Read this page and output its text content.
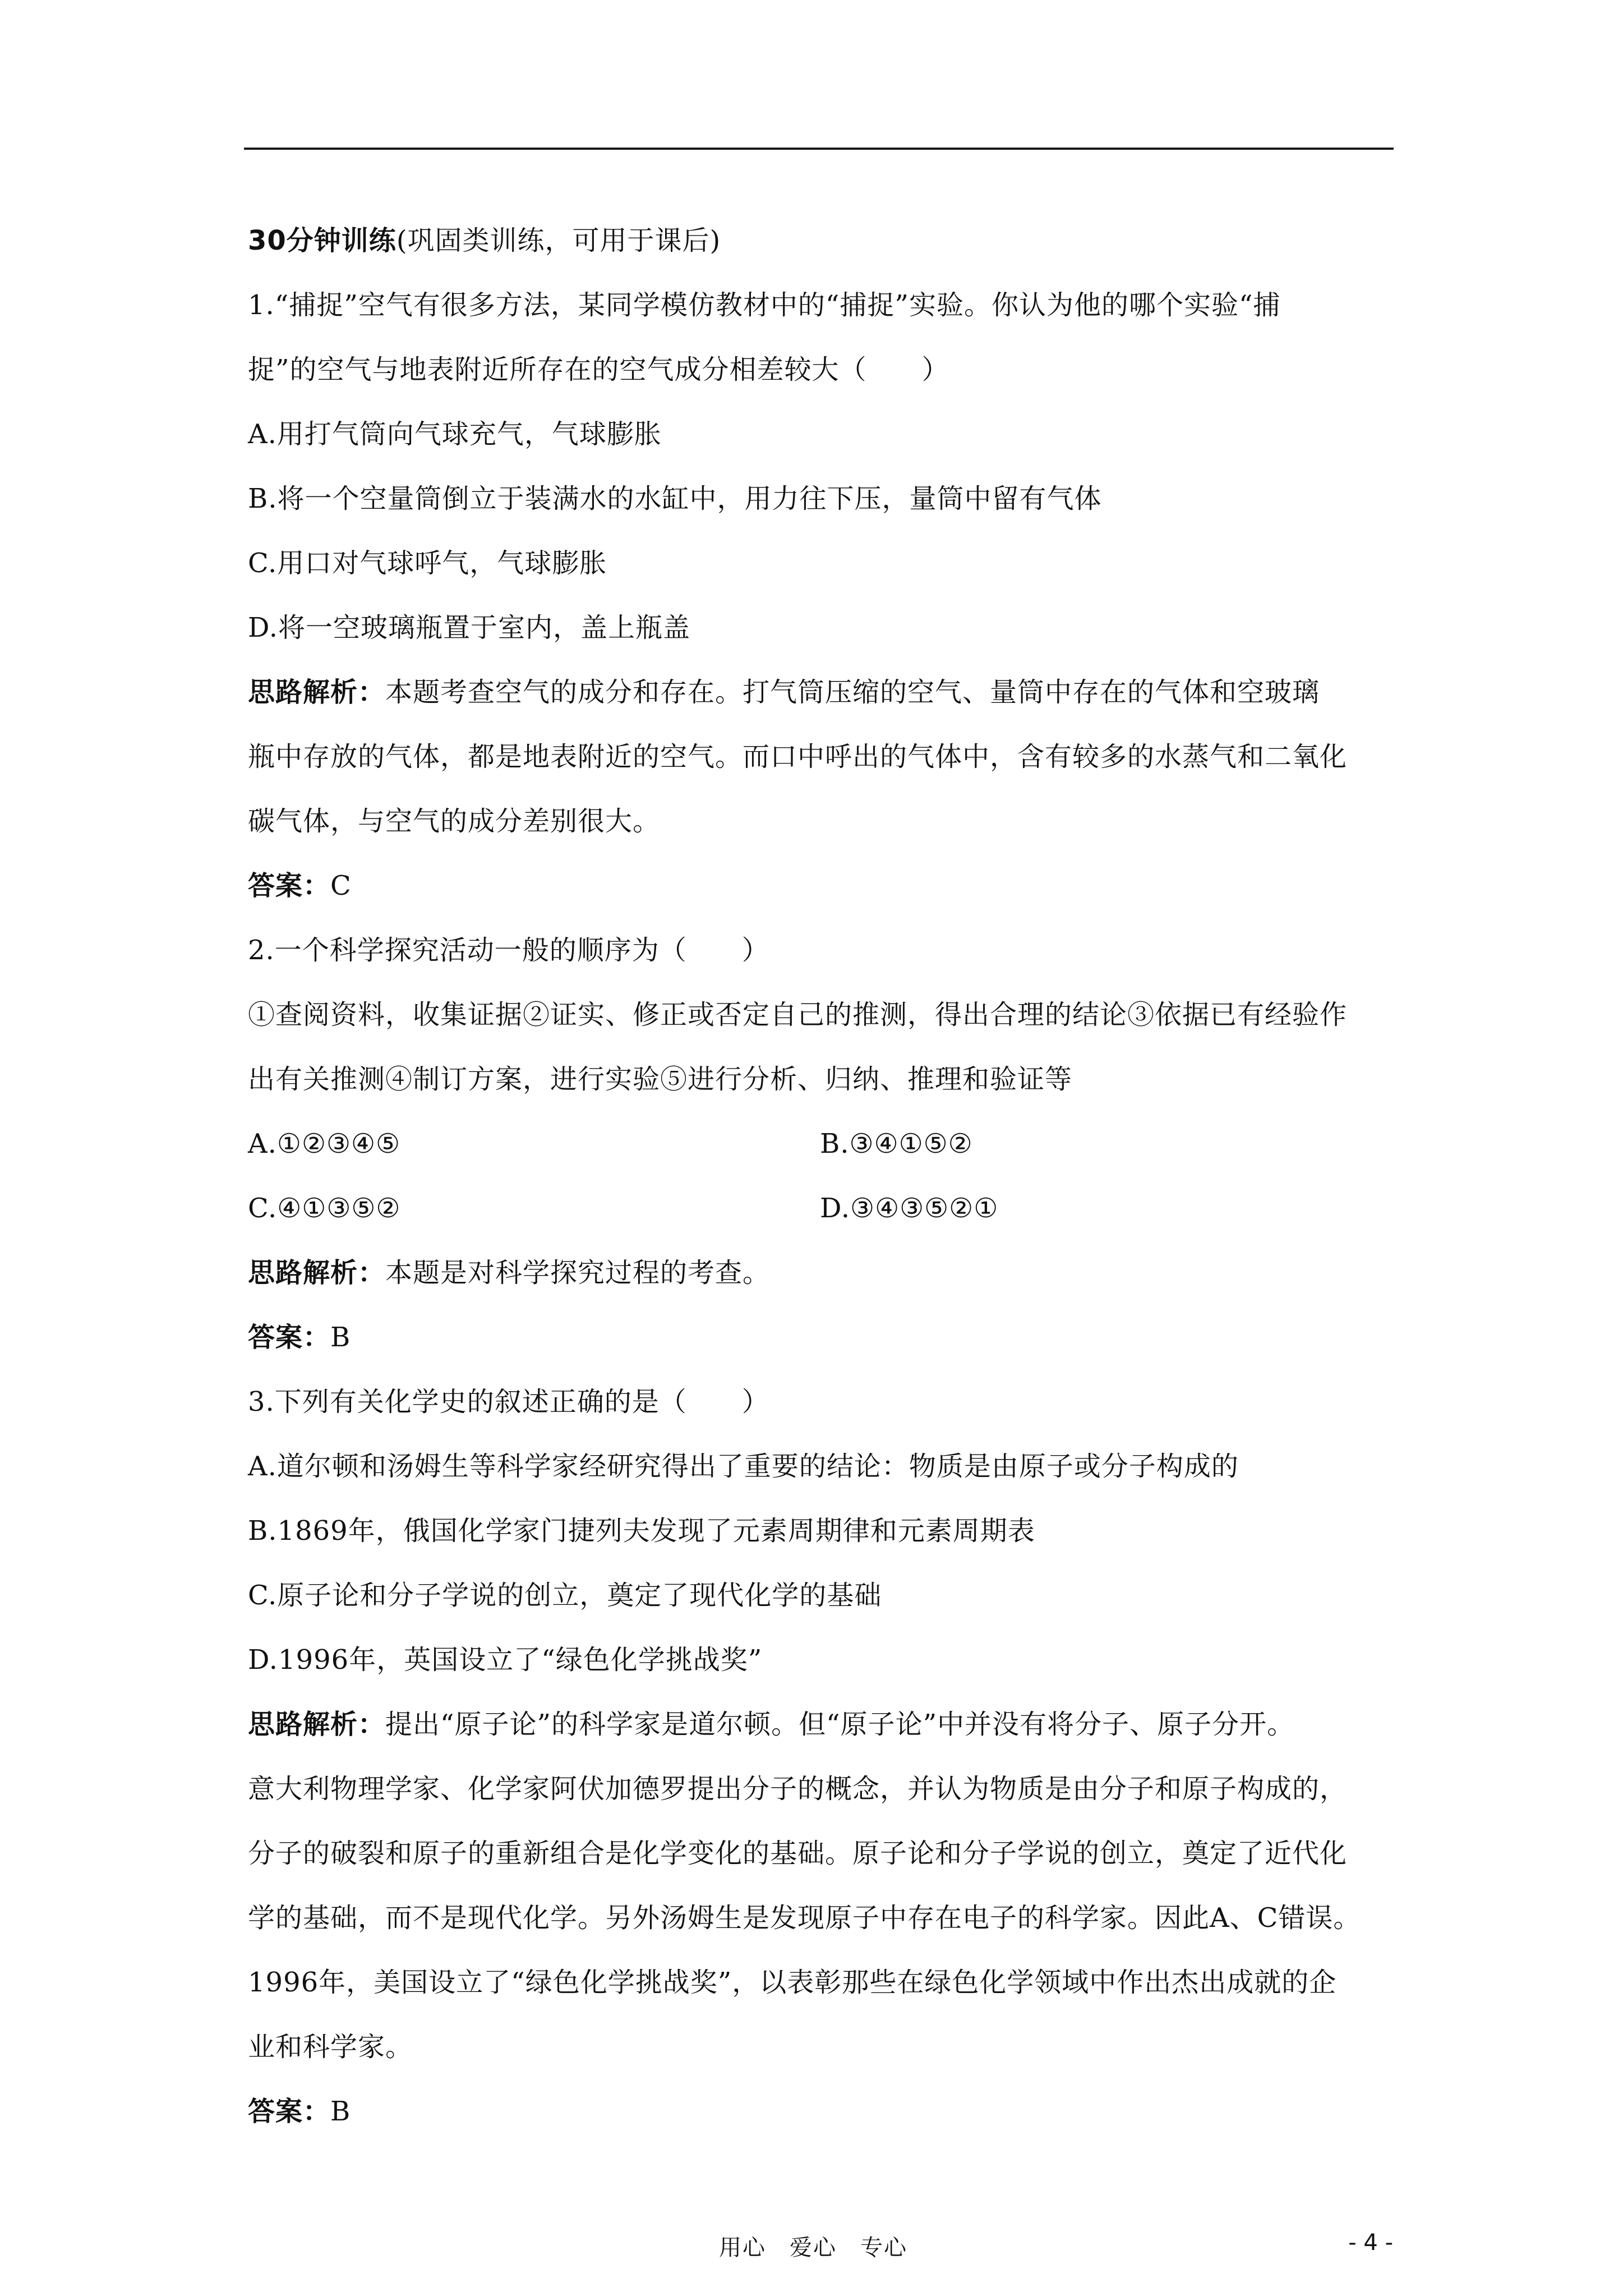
30分钟训练(巩固类训练，可用于课后)
1.“捕捉”空气有很多方法，某同学模仿教材中的“捕捉”实验。你认为他的哪个实验“捕
捉”的空气与地表附近所存在的空气成分相差较大（　　）
A.用打气筒向气球充气，气球膨胀
B.将一个空量筒倒立于装满水的水缸中，用力往下压，量筒中留有气体
C.用口对气球呼气，气球膨胀
D.将一空玻璃瓶置于室内，盖上瓶盖
思路解析：本题考查空气的成分和存在。打气筒压缩的空气、量筒中存在的气体和空玻璃
瓶中存放的气体，都是地表附近的空气。而口中呼出的气体中，含有较多的水蒸气和二氧化
碳气体，与空气的成分差别很大。
答案：C
2.一个科学探究活动一般的顺序为（　　）
①查阅资料，收集证据②证实、修正或否定自己的推测，得出合理的结论③依据已有经验作
出有关推测④制订方案，进行实验⑤进行分析、归纳、推理和验证等
A.①②③④⑤	B.③④①⑤②
C.④①③⑤②	D.③④③⑤②①
思路解析：本题是对科学探究过程的考查。
答案：B
3.下列有关化学史的叙述正确的是（　　）
A.道尔顿和汤姆生等科学家经研究得出了重要的结论：物质是由原子或分子构成的
B.1869年，俄国化学家门捷列夫发现了元素周期律和元素周期表
C.原子论和分子学说的创立，奠定了现代化学的基础
D.1996年，英国设立了“绿色化学挑战奖”
思路解析：提出“原子论”的科学家是道尔顿。但“原子论”中并没有将分子、原子分开。
意大利物理学家、化学家阿伏加德罗提出分子的概念，并认为物质是由分子和原子构成的，
分子的破裂和原子的重新组合是化学变化的基础。原子论和分子学说的创立，奠定了近代化
学的基础，而不是现代化学。另外汤姆生是发现原子中存在电子的科学家。因此A、C错误。
1996年，美国设立了“绿色化学挑战奖”，以表彰那些在绿色化学领域中作出杰出成就的企
业和科学家。
答案：B
用心　爱心　专心	- 4 -
